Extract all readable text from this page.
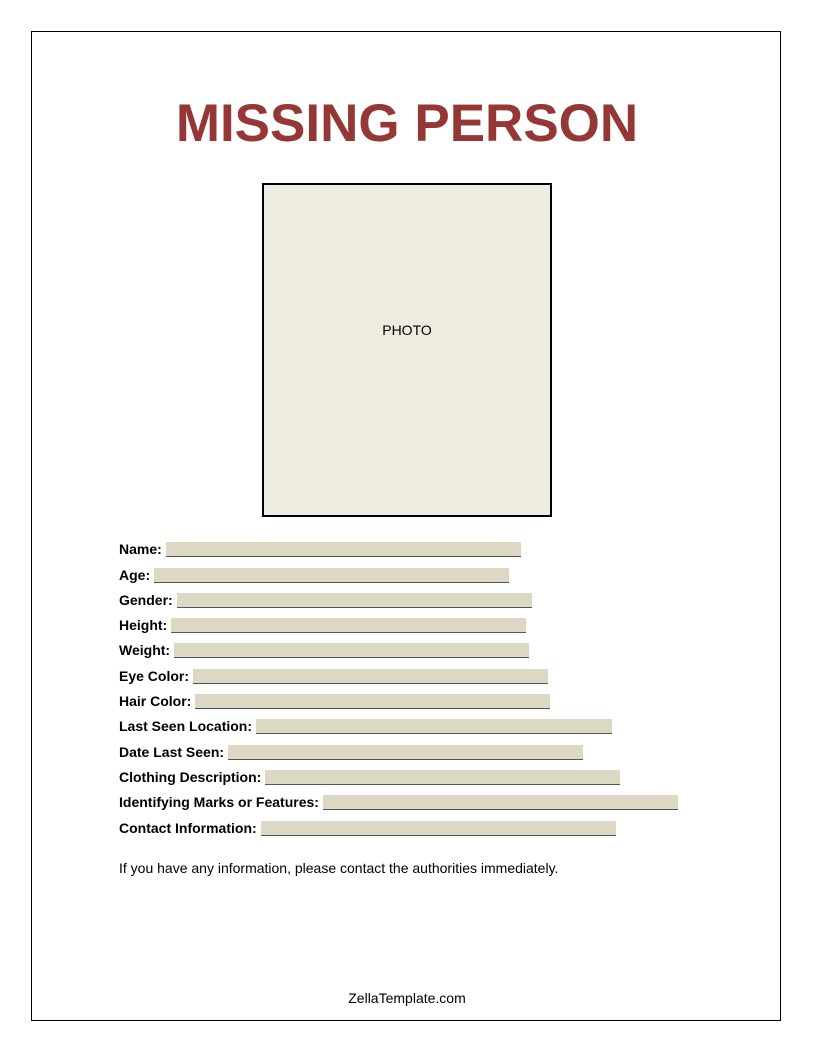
MISSING PERSON
PHOTO
Name:
Age:
Gender:
Height:
Weight:
Eye Color:
Hair Color:
Last Seen Location:
Date Last Seen:
Clothing Description:
Identifying Marks or Features:
Contact Information:
If you have any information, please contact the authorities immediately.
ZellaTemplate.com
